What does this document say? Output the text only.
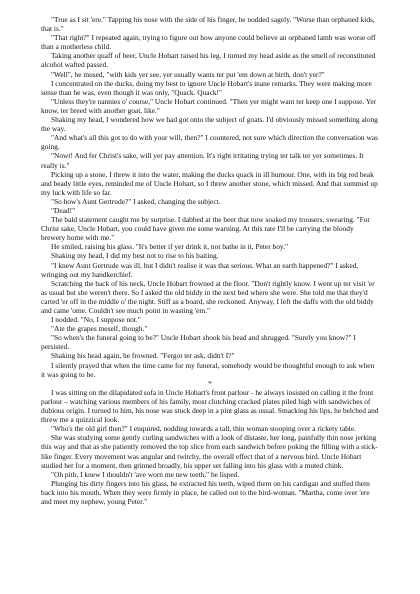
"True as I sit 'ere." Tapping his nose with the side of his finger, he nodded sagely. "Worse than orphaned kids, that is."

"That right?" I repeated again, trying to figure out how anyone could believe an orphaned lamb was worse off than a motherless child.

Taking another quaff of beer, Uncle Hobart raised his leg. I turned my head aside as the smell of reconstituted alcohol wafted passed.

"Well", he mused, "with kids yer see, yer usually wants ter put 'em down at birth, don't yer?"

I concentrated on the ducks, doing my best to ignore Uncle Hobart's inane remarks. They were making more sense than he was, even though it was only, "Quack. Quack!"

"Unless they're nannies o' course," Uncle Hobart continued. "Then yer might want ter keep one I suppose. Yer know, ter breed with another goat, like."

Shaking my head, I wondered how we had got onto the subject of goats. I'd obviously missed something along the way.

"And what's all this got to do with your will, then?" I countered, not sure which direction the conversation was going.

"Nowt! And fer Christ's sake, will yer pay attention. It's right irritating trying ter talk ter yer sometimes. It really is."

Picking up a stone, I threw it into the water, making the ducks quack in ill humour. One, with its big red beak and beady little eyes, reminded me of Uncle Hobart, so I threw another stone, which missed. And that summed up my luck with life so far.

"So how's Aunt Gertrude?" I asked, changing the subject.

"Dead!"

The bald statement caught me by surprise. I dabbed at the beer that now soaked my trousers, swearing. "For Christ sake, Uncle Hobart, you could have given me some warning. At this rate I'll be carrying the bloody brewery home with me."

He smiled, raising his glass. "It's better if yer drink it, not bathe in it, Peter boy."

Shaking my head, I did my best not to rise to his baiting.

"I knew Aunt Gertrude was ill, but I didn't realise it was that serious. What an earth happened?" I asked, wringing out my handkerchief.

Scratching the back of his neck, Uncle Hobart frowned at the floor. "Don't rightly know. I went up ter visit 'er as usual but she weren't there. So I asked the old biddy in the next bed where she were. She told me that they'd carted 'er off in the middle o' the night. Stiff as a board, she reckoned. Anyway, I left the daffs with the old biddy and came 'ome. Couldn't see much point in wasting 'em."

I nodded. "No, I suppose not."

"Ate the grapes meself, though."

"So when's the funeral going to be?" Uncle Hobart shook his head and shrugged. "Surely you know?" I persisted.

Shaking his head again, he frowned. "Fergot ter ask, didn't I?"

I silently prayed that when the time came for my funeral, somebody would be thoughtful enough to ask when it was going to be.

*

I was sitting on the dilapidated sofa in Uncle Hobart's front parlour - he always insisted on calling it the front parlour – watching various members of his family, most clutching cracked plates piled high with sandwiches of dubious origin. I turned to him, his nose was stuck deep in a pint glass as usual. Smacking his lips, he belched and threw me a quizzical look.

"Who's the old girl then?" I enquired, nodding towards a tall, thin woman stooping over a rickety table.

She was studying some gently curling sandwiches with a look of distaste, her long, painfully thin nose jerking this way and that as she patiently removed the top slice from each sandwich before poking the filling with a stick-like finger. Every movement was angular and twitchy, the overall effect that of a nervous bird. Uncle Hobart studied her for a moment, then grinned broadly, his upper set falling into his glass with a muted chink.

"Oh pith, I knew I thouldn't 'ave worn me new teeth," he lisped.

Plunging his dirty fingers into his glass, he extracted his teeth, wiped them on his cardigan and stuffed them back into his mouth. When they were firmly in place, he called out to the bird-woman. "Martha, come over 'ere and meet my nephew, young Peter."
